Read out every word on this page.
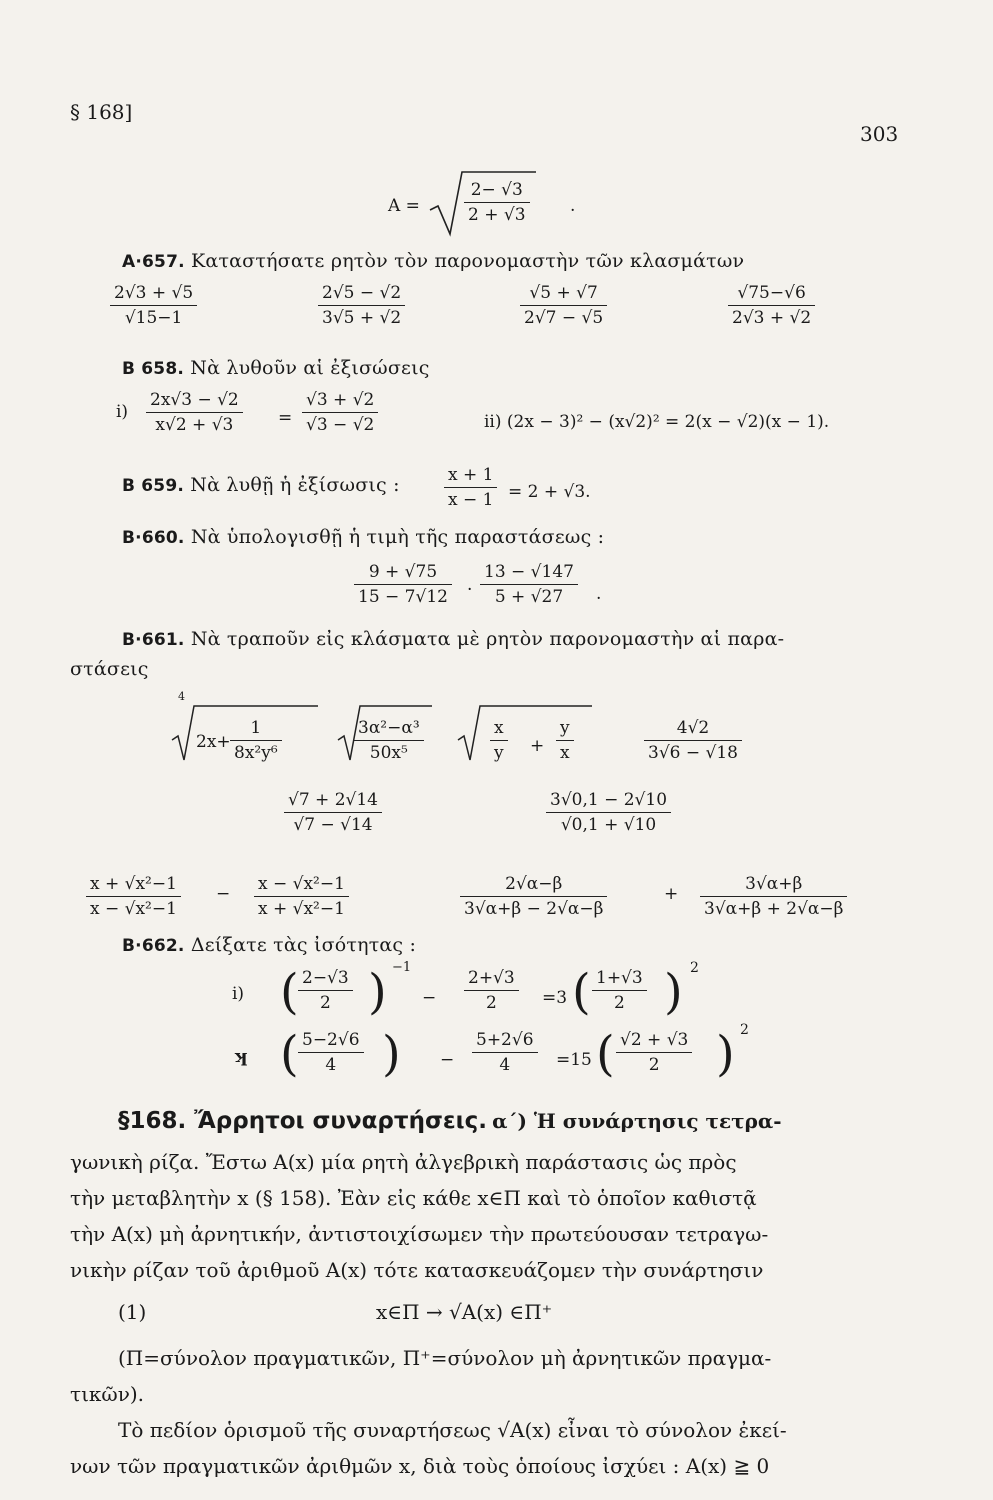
§ 168]
303
A =	$\frac{2- √3}{2 + √3}$ .
A·657. Καταστήσατε ρητὸν τὸν παρονομαστὴν τῶν κλασμάτων
$\frac{2√3 + √5}{√15-1}$	$\frac{2√5 - √2}{3√5 + √2}$	$\frac{√5 + √7}{2√7 - √5}$	$\frac{√75-√6}{2√3 + √2}$
Β 658. Νὰ λυθοῦν αἱ ἐξισώσεις
$i) \frac{2x√3 - √2}{x√2 + √3} = \frac{√3 + √2}{√3 - √2}$	ii) (2x − 3)² − (x√2)² = 2(x − √2)(x − 1).
Β 659. Νὰ λυθῇ ἡ ἐξίσωσις :	$\frac{x + 1}{x - 1} = 2 + √3$.
Β·660. Νὰ ὑπολογισθῇ ἡ τιμὴ τῆς παραστάσεως :
$\frac{9 + √75}{15 - 7√12} \cdot \frac{13 - √147}{5 + √27}$ .
Β·661. Νὰ τραποῦν εἰς κλάσματα μὲ ρητὸν παρονομαστὴν αἱ παρα-
στάσεις
4
$2x+ \frac{1}{\text{8x²y⁶}}$	$\frac{\text{3α²−α³}}{\text{50x⁵}}$	$\frac{x}{y} + \frac{y}{x}$	$\frac{4√2}{3√6 - √18}$
$\frac{√7 + 2√14}{√7 - √14}$	$\frac{3√0,1 - 2√10}{√0,1 + √10}$
$\frac{\text{x + √x²−1}}{\text{x − √x²−1}} - \frac{\text{x − √x²−1}}{\text{x + √x²−1}}$	$\frac{2√\alpha-\beta}{3√\alpha+\beta - 2√\alpha-\beta}$	+ $\frac{3√\alpha+\beta}{3√\alpha+\beta + 2√\alpha-\beta}$
Β·662. Δείξατε τὰς ἰσότητας :
i) ( $\frac{2-√3}{2}$ ) −1
− $\frac{2+√3}{2} =3$ ( $\frac{1+√3}{2}$ ) 2
ʞ ( $\frac{5-2√6}{4}$ ) − $\frac{5+2√6}{4} =15$ ( $\frac{√2 + √3}{2}$ ) 2
§168. Ἄρρητοι συναρτήσεις. α΄) Ἡ συνάρτησις τετρα-
γωνικὴ ρίζα. Ἔστω A(x) μία ρητὴ ἀλγεβρικὴ παράστασις ὡς πρὸς
τὴν μεταβλητὴν x (§ 158). Ἐὰν εἰς κάθε x∈Π καὶ τὸ ὁποῖον καθιστᾷ
τὴν A(x) μὴ ἀρνητικήν, ἀντιστοιχίσωμεν τὴν πρωτεύουσαν τετραγω-
νικὴν ρίζαν τοῦ ἀριθμοῦ A(x) τότε κατασκευάζομεν τὴν συνάρτησιν
(1)	x∈Π → √A(x) ∈Π⁺
(Π=σύνολον πραγματικῶν, Π⁺=σύνολον μὴ ἀρνητικῶν πραγμα-
τικῶν).
Τὸ πεδίον ὁρισμοῦ τῆς συναρτήσεως √A(x) εἶναι τὸ σύνολον ἐκεί-
νων τῶν πραγματικῶν ἀριθμῶν x, διὰ τοὺς ὁποίους ἰσχύει : A(x) ≧ 0
